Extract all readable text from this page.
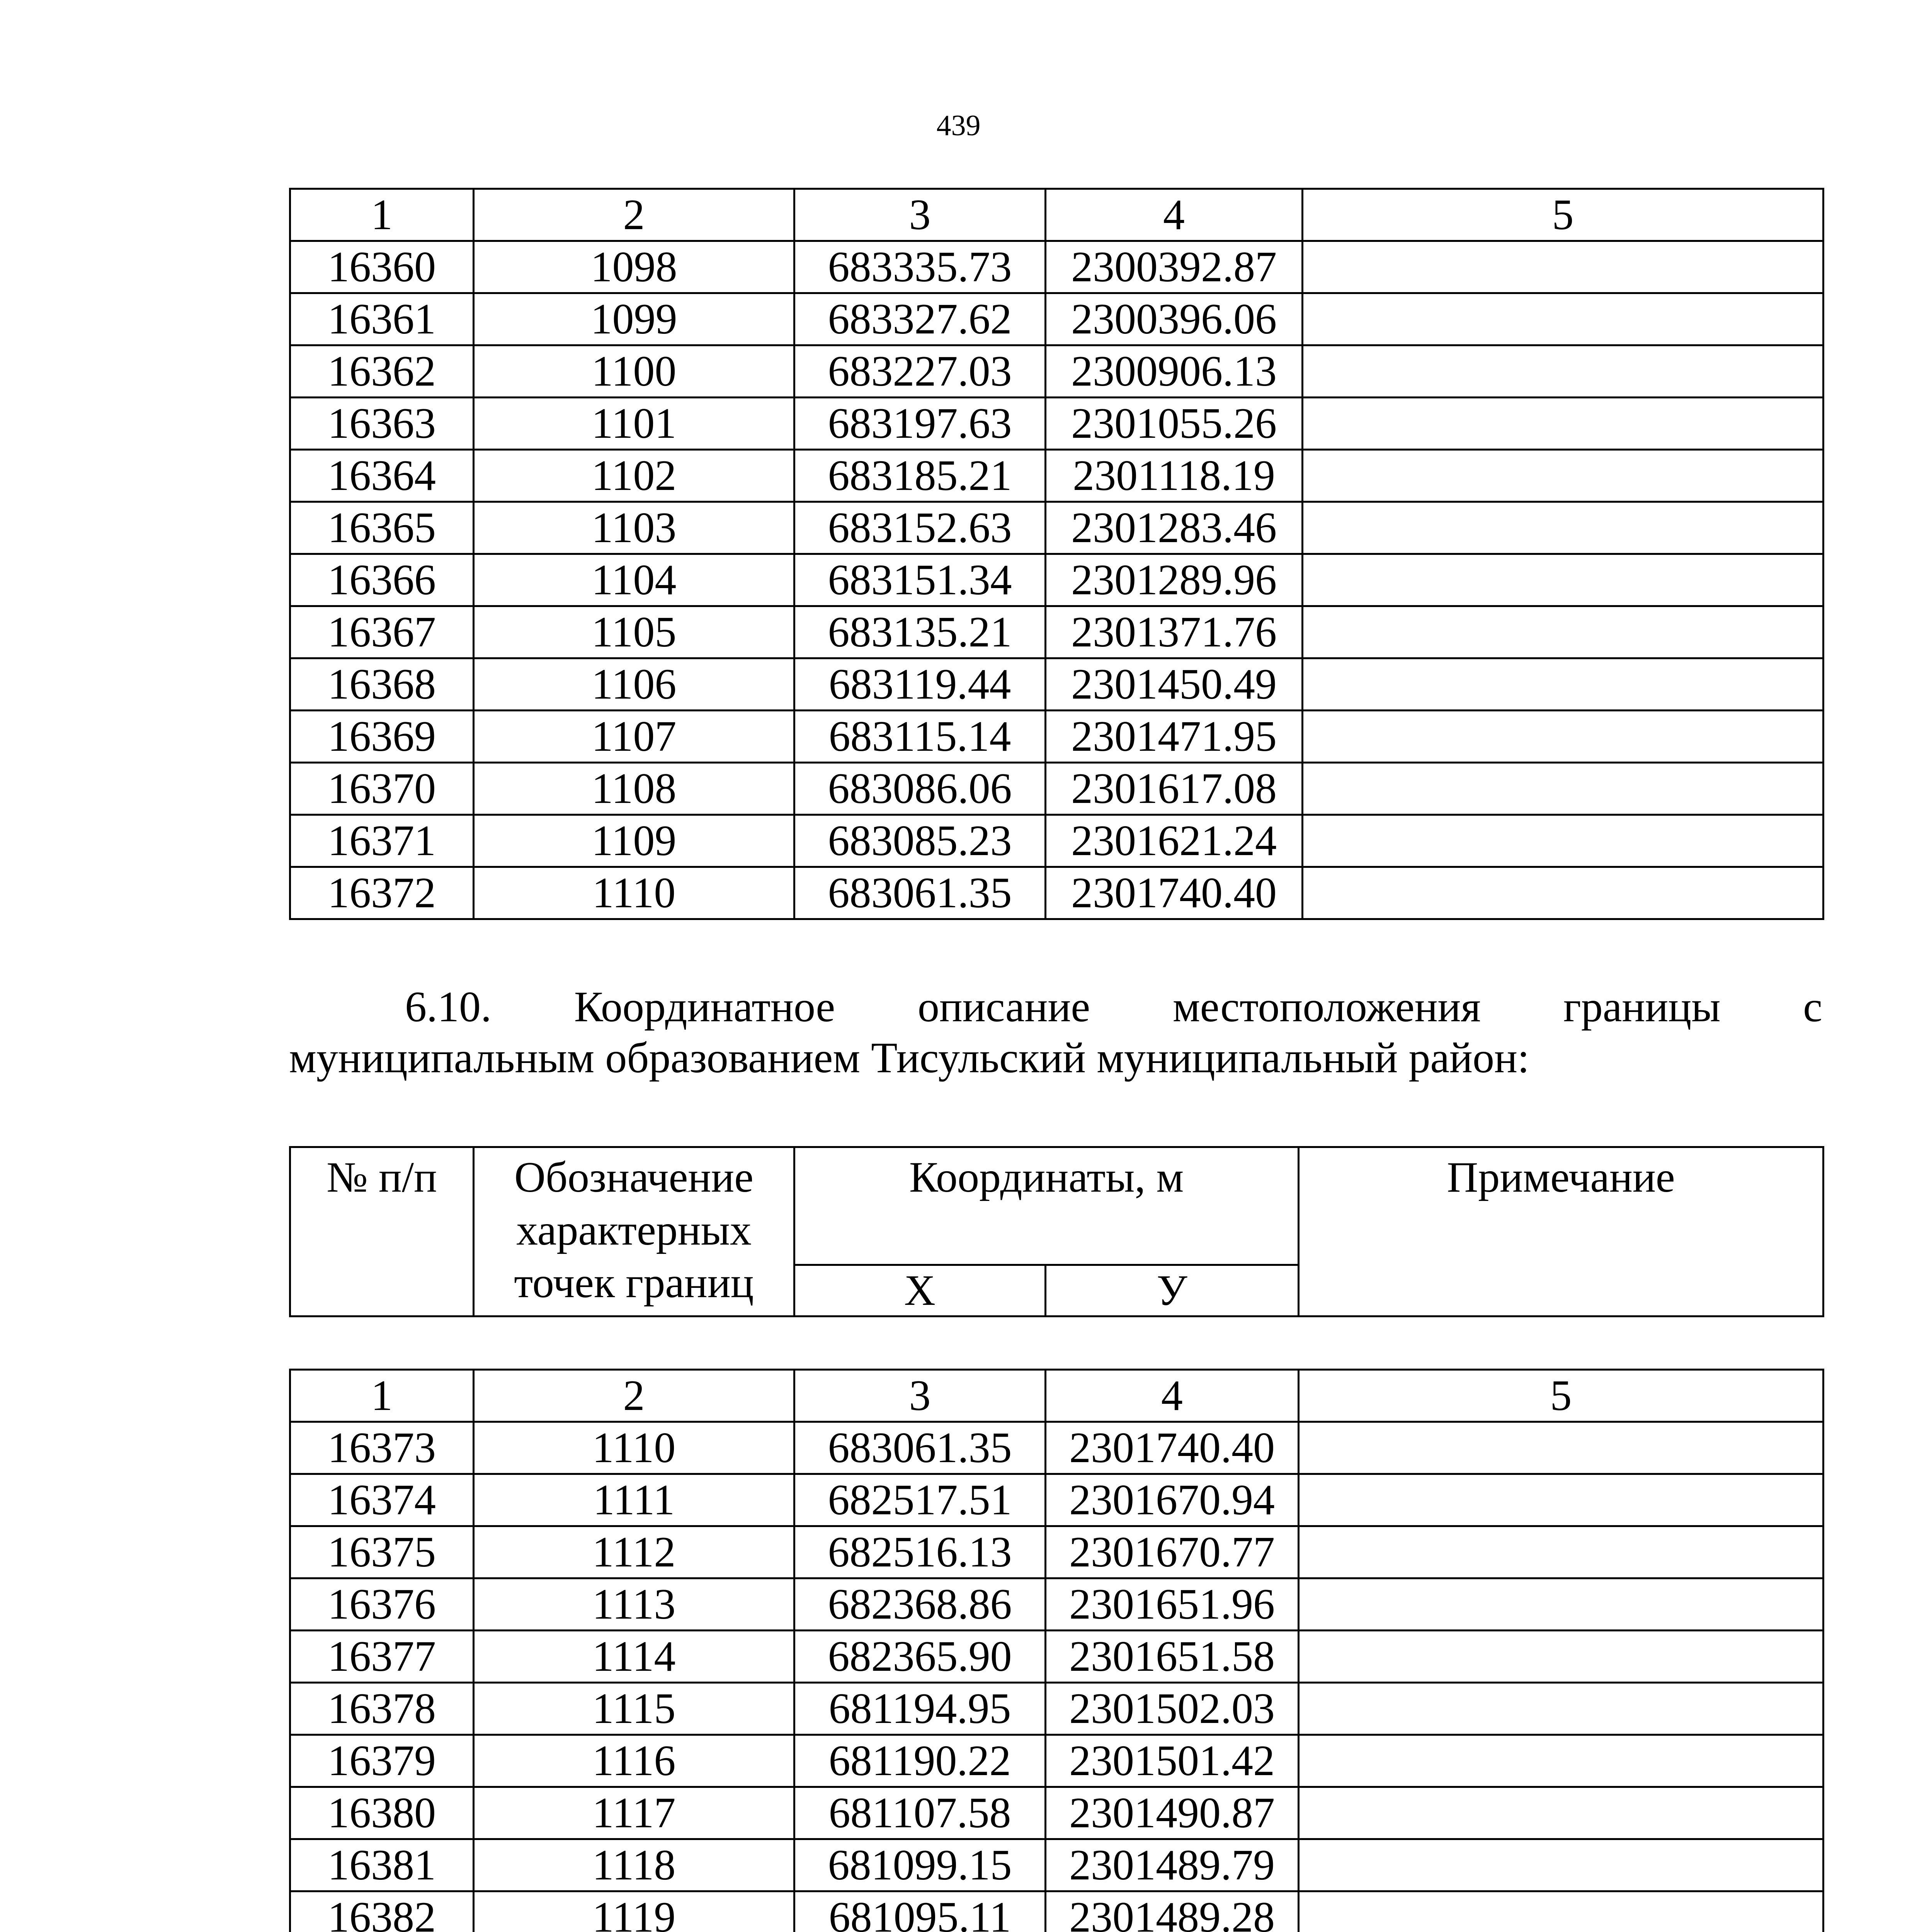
439
1	2	3	4	5
16360	1098	683335.73	2300392.87	
16361	1099	683327.62	2300396.06	
16362	1100	683227.03	2300906.13	
16363	1101	683197.63	2301055.26	
16364	1102	683185.21	2301118.19	
16365	1103	683152.63	2301283.46	
16366	1104	683151.34	2301289.96	
16367	1105	683135.21	2301371.76	
16368	1106	683119.44	2301450.49	
16369	1107	683115.14	2301471.95	
16370	1108	683086.06	2301617.08	
16371	1109	683085.23	2301621.24	
16372	1110	683061.35	2301740.40	
6.10. Координатное описание местоположения границы с
муниципальным образованием Тисульский муниципальный район:
№ п/п	Обозначение характерных точек границ	Координаты, м		Примечание
		Х	У	
1	2	3	4	5
16373	1110	683061.35	2301740.40	
16374	1111	682517.51	2301670.94	
16375	1112	682516.13	2301670.77	
16376	1113	682368.86	2301651.96	
16377	1114	682365.90	2301651.58	
16378	1115	681194.95	2301502.03	
16379	1116	681190.22	2301501.42	
16380	1117	681107.58	2301490.87	
16381	1118	681099.15	2301489.79	
16382	1119	681095.11	2301489.28	
